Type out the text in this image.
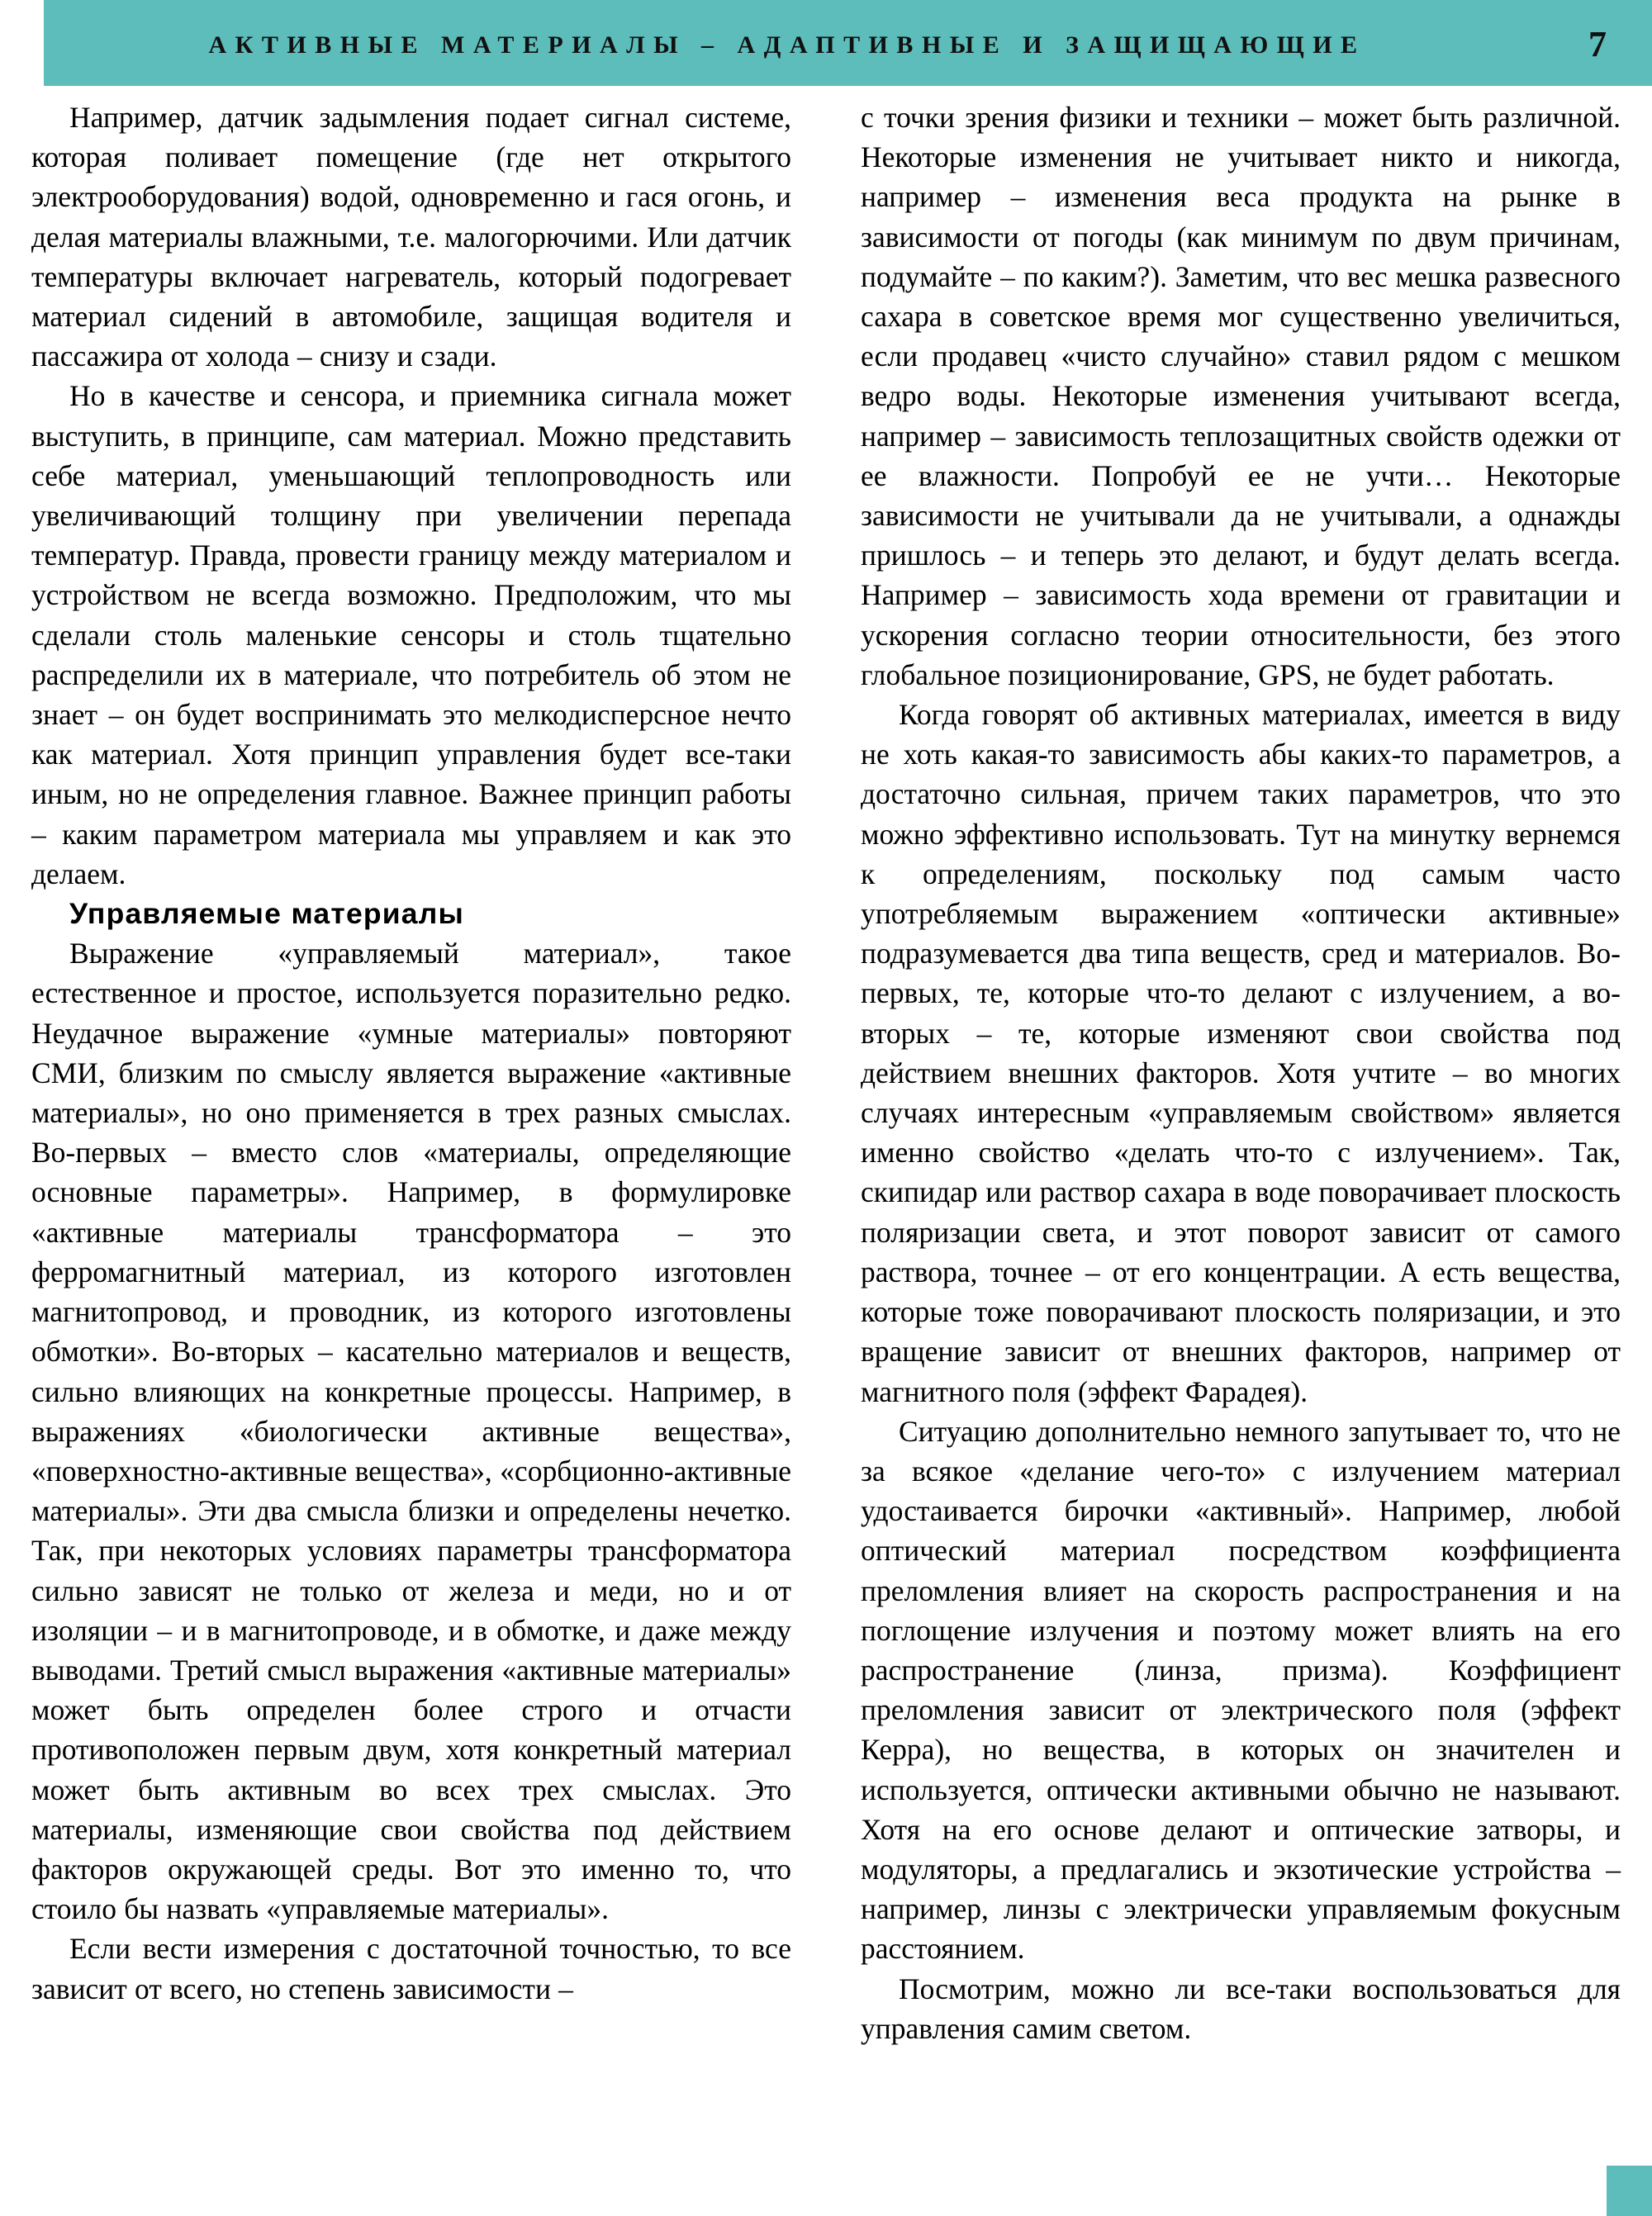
АКТИВНЫЕ МАТЕРИАЛЫ – АДАПТИВНЫЕ И ЗАЩИЩАЮЩИЕ	7

Например, датчик задымления подает сигнал системе, которая поливает помещение (где нет открытого электрооборудования) водой, одновременно и гася огонь, и делая материалы влажными, т.е. малогорючими. Или датчик температуры включает нагреватель, который подогревает материал сидений в автомобиле, защищая водителя и пассажира от холода – снизу и сзади.

Но в качестве и сенсора, и приемника сигнала может выступить, в принципе, сам материал. Можно представить себе материал, уменьшающий теплопроводность или увеличивающий толщину при увеличении перепада температур. Правда, провести границу между материалом и устройством не всегда возможно. Предположим, что мы сделали столь маленькие сенсоры и столь тщательно распределили их в материале, что потребитель об этом не знает – он будет воспринимать это мелкодисперсное нечто как материал. Хотя принцип управления будет все-таки иным, но не определения главное. Важнее принцип работы – каким параметром материала мы управляем и как это делаем.

Управляемые материалы

Выражение «управляемый материал», такое естественное и простое, используется поразительно редко. Неудачное выражение «умные материалы» повторяют СМИ, близким по смыслу является выражение «активные материалы», но оно применяется в трех разных смыслах. Во-первых – вместо слов «материалы, определяющие основные параметры». Например, в формулировке «активные материалы трансформатора – это ферромагнитный материал, из которого изготовлен магнитопровод, и проводник, из которого изготовлены обмотки». Во-вторых – касательно материалов и веществ, сильно влияющих на конкретные процессы. Например, в выражениях «биологически активные вещества», «поверхностно-активные вещества», «сорбционно-активные материалы». Эти два смысла близки и определены нечетко. Так, при некоторых условиях параметры трансформатора сильно зависят не только от железа и меди, но и от изоляции – и в магнитопроводе, и в обмотке, и даже между выводами. Третий смысл выражения «активные материалы» может быть определен более строго и отчасти противоположен первым двум, хотя конкретный материал может быть активным во всех трех смыслах. Это материалы, изменяющие свои свойства под действием факторов окружающей среды. Вот это именно то, что стоило бы назвать «управляемые материалы».

Если вести измерения с достаточной точностью, то все зависит от всего, но степень зависимости –

с точки зрения физики и техники – может быть различной. Некоторые изменения не учитывает никто и никогда, например – изменения веса продукта на рынке в зависимости от погоды (как минимум по двум причинам, подумайте – по каким?). Заметим, что вес мешка развесного сахара в советское время мог существенно увеличиться, если продавец «чисто случайно» ставил рядом с мешком ведро воды. Некоторые изменения учитывают всегда, например – зависимость теплозащитных свойств одежки от ее влажности. Попробуй ее не учти… Некоторые зависимости не учитывали да не учитывали, а однажды пришлось – и теперь это делают, и будут делать всегда. Например – зависимость хода времени от гравитации и ускорения согласно теории относительности, без этого глобальное позиционирование, GPS, не будет работать.

Когда говорят об активных материалах, имеется в виду не хоть какая-то зависимость абы каких-то параметров, а достаточно сильная, причем таких параметров, что это можно эффективно использовать. Тут на минутку вернемся к определениям, поскольку под самым часто употребляемым выражением «оптически активные» подразумевается два типа веществ, сред и материалов. Во-первых, те, которые что-то делают с излучением, а во-вторых – те, которые изменяют свои свойства под действием внешних факторов. Хотя учтите – во многих случаях интересным «управляемым свойством» является именно свойство «делать что-то с излучением». Так, скипидар или раствор сахара в воде поворачивает плоскость поляризации света, и этот поворот зависит от самого раствора, точнее – от его концентрации. А есть вещества, которые тоже поворачивают плоскость поляризации, и это вращение зависит от внешних факторов, например от магнитного поля (эффект Фарадея).

Ситуацию дополнительно немного запутывает то, что не за всякое «делание чего-то» с излучением материал удостаивается бирочки «активный». Например, любой оптический материал посредством коэффициента преломления влияет на скорость распространения и на поглощение излучения и поэтому может влиять на его распространение (линза, призма). Коэффициент преломления зависит от электрического поля (эффект Керра), но вещества, в которых он значителен и используется, оптически активными обычно не называют. Хотя на его основе делают и оптические затворы, и модуляторы, а предлагались и экзотические устройства – например, линзы с электрически управляемым фокусным расстоянием.

Посмотрим, можно ли все-таки воспользоваться для управления самим светом.
